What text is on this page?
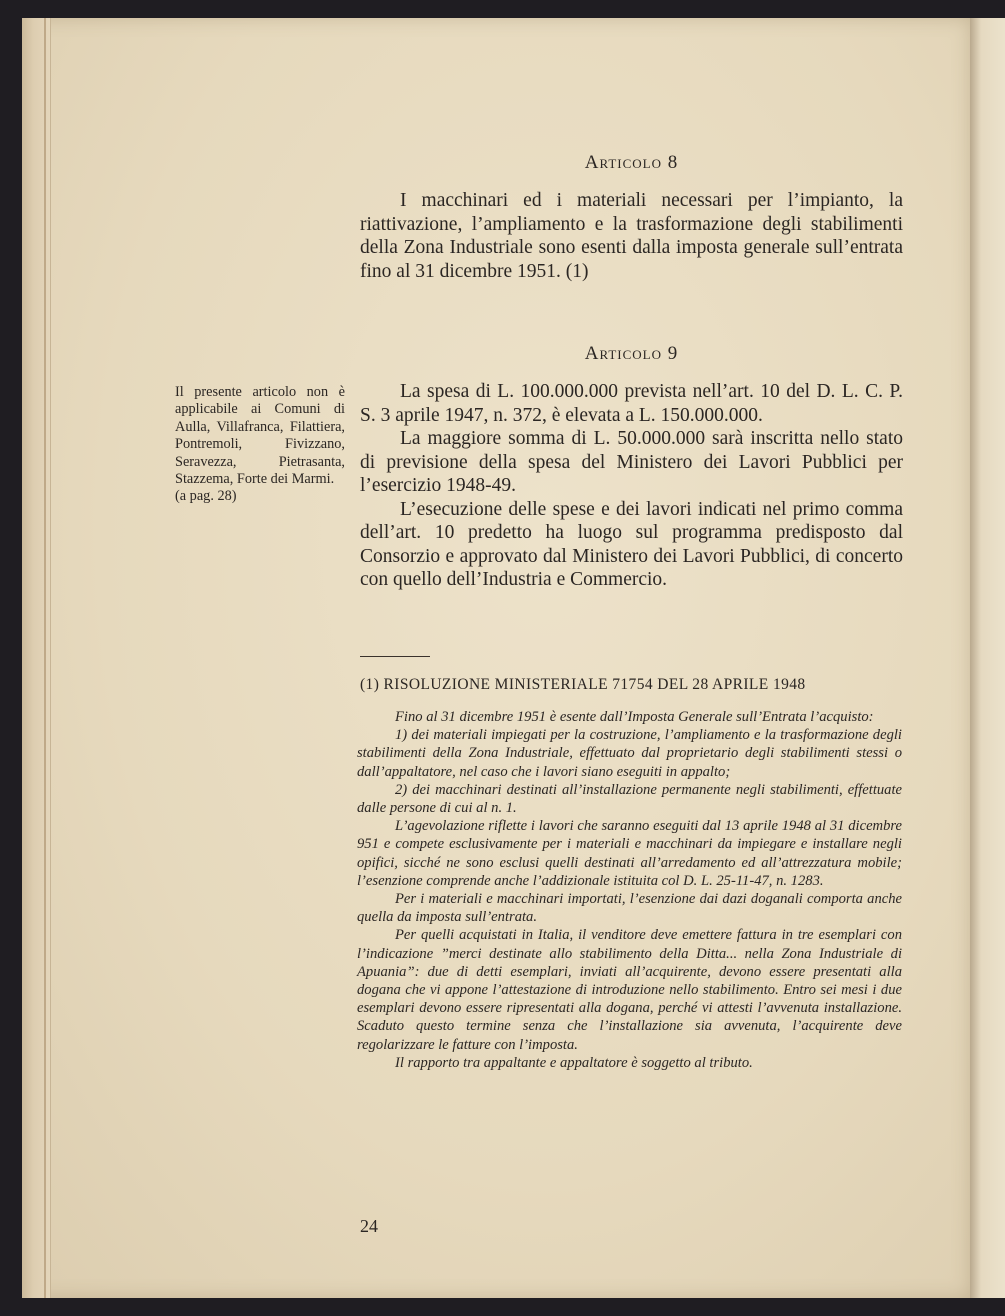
Articolo 8

I macchinari ed i materiali necessari per l’impianto, la riattivazione, l’ampliamento e la trasformazione degli stabilimenti della Zona Industriale sono esenti dalla imposta generale sull’entrata fino al 31 dicembre 1951. (1)

Articolo 9

La spesa di L. 100.000.000 prevista nell’art. 10 del D. L. C. P. S. 3 aprile 1947, n. 372, è elevata a L. 150.000.000.

La maggiore somma di L. 50.000.000 sarà inscritta nello stato di previsione della spesa del Ministero dei Lavori Pubblici per l’esercizio 1948-49.

L’esecuzione delle spese e dei lavori indicati nel primo comma dell’art. 10 predetto ha luogo sul programma predisposto dal Consorzio e approvato dal Ministero dei Lavori Pubblici, di concerto con quello dell’Industria e Commercio.

Il presente articolo non è applicabile ai Comuni di Aulla, Villafranca, Filattiera, Pontremoli, Fivizzano, Seravezza, Pietrasanta, Stazzema, Forte dei Marmi.
(a pag. 28)
(1) RISOLUZIONE MINISTERIALE 71754 DEL 28 APRILE 1948

Fino al 31 dicembre 1951 è esente dall’Imposta Generale sull’Entrata l’acquisto:

1) dei materiali impiegati per la costruzione, l’ampliamento e la trasformazione degli stabilimenti della Zona Industriale, effettuato dal proprietario degli stabilimenti stessi o dall’appaltatore, nel caso che i lavori siano eseguiti in appalto;

2) dei macchinari destinati all’installazione permanente negli stabilimenti, effettuate dalle persone di cui al n. 1.

L’agevolazione riflette i lavori che saranno eseguiti dal 13 aprile 1948 al 31 dicembre 951 e compete esclusivamente per i materiali e macchinari da impiegare e installare negli opifici, sicché ne sono esclusi quelli destinati all’arredamento ed all’attrezzatura mobile; l’esenzione comprende anche l’addizionale istituita col D. L. 25-11-47, n. 1283.

Per i materiali e macchinari importati, l’esenzione dai dazi doganali comporta anche quella da imposta sull’entrata.

Per quelli acquistati in Italia, il venditore deve emettere fattura in tre esemplari con l’indicazione ”merci destinate allo stabilimento della Ditta... nella Zona Industriale di Apuania”: due di detti esemplari, inviati all’acquirente, devono essere presentati alla dogana che vi appone l’attestazione di introduzione nello stabilimento. Entro sei mesi i due esemplari devono essere ripresentati alla dogana, perché vi attesti l’avvenuta installazione. Scaduto questo termine senza che l’installazione sia avvenuta, l’acquirente deve regolarizzare le fatture con l’imposta.

Il rapporto tra appaltante e appaltatore è soggetto al tributo.

24
